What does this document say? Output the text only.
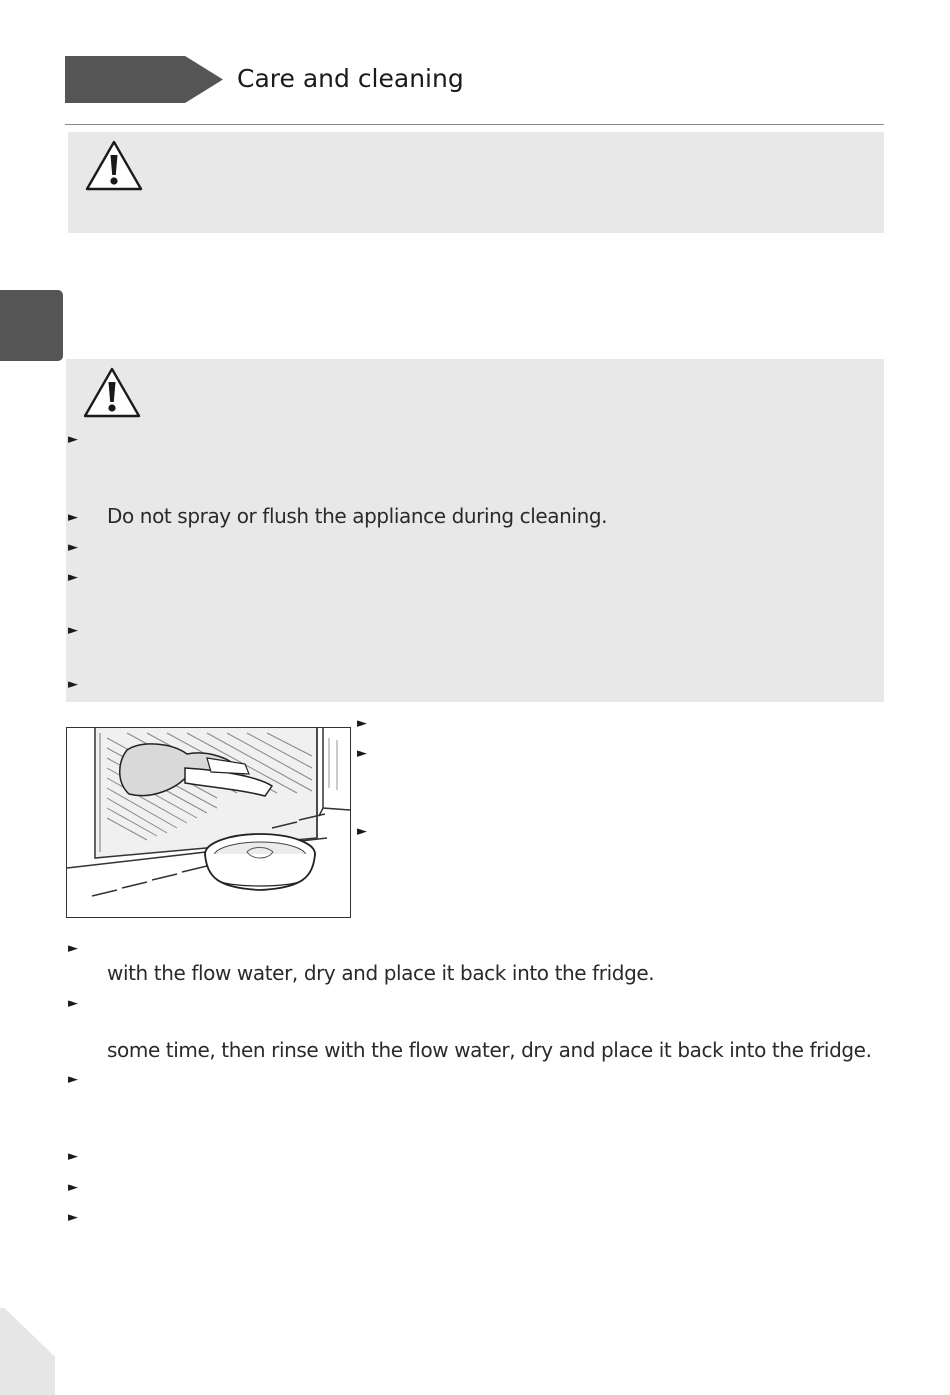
Care and cleaning
►
► Do not spray or flush the appliance during cleaning.
►
►
►
►
►
►
►
►
with the flow water, dry and place it back into the fridge.
►
some time, then rinse with the flow water, dry and place it back into the fridge.
►
►
►
►
